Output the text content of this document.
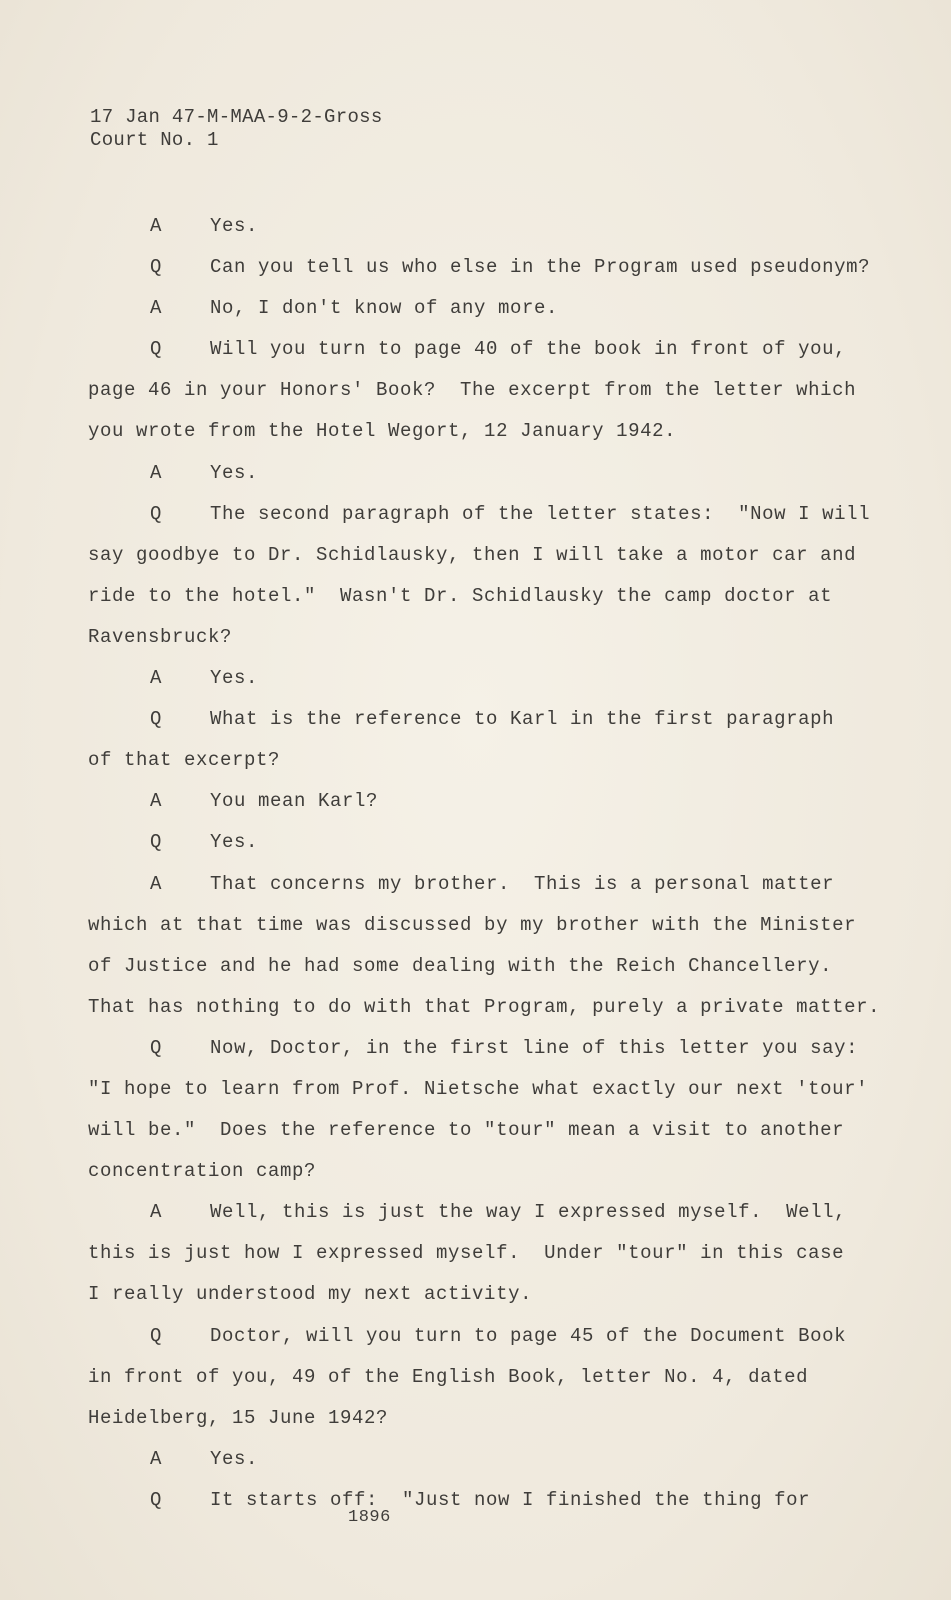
17 Jan 47-M-MAA-9-2-Gross
Court No. 1
A	Yes.
Q	Can you tell us who else in the Program used pseudonym?
A	No, I don't know of any more.
Q	Will you turn to page 40 of the book in front of you,
page 46 in your Honors' Book?  The excerpt from the letter which
you wrote from the Hotel Wegort, 12 January 1942.
A	Yes.
Q	The second paragraph of the letter states:  "Now I will
say goodbye to Dr. Schidlausky, then I will take a motor car and
ride to the hotel."  Wasn't Dr. Schidlausky the camp doctor at
Ravensbruck?
A	Yes.
Q	What is the reference to Karl in the first paragraph
of that excerpt?
A	You mean Karl?
Q	Yes.
A	That concerns my brother.  This is a personal matter
which at that time was discussed by my brother with the Minister
of Justice and he had some dealing with the Reich Chancellery.
That has nothing to do with that Program, purely a private matter.
Q	Now, Doctor, in the first line of this letter you say:
"I hope to learn from Prof. Nietsche what exactly our next 'tour'
will be."  Does the reference to "tour" mean a visit to another
concentration camp?
A	Well, this is just the way I expressed myself.  Well,
this is just how I expressed myself.  Under "tour" in this case
I really understood my next activity.
Q	Doctor, will you turn to page 45 of the Document Book
in front of you, 49 of the English Book, letter No. 4, dated
Heidelberg, 15 June 1942?
A	Yes.
Q	It starts off:  "Just now I finished the thing for
1896
